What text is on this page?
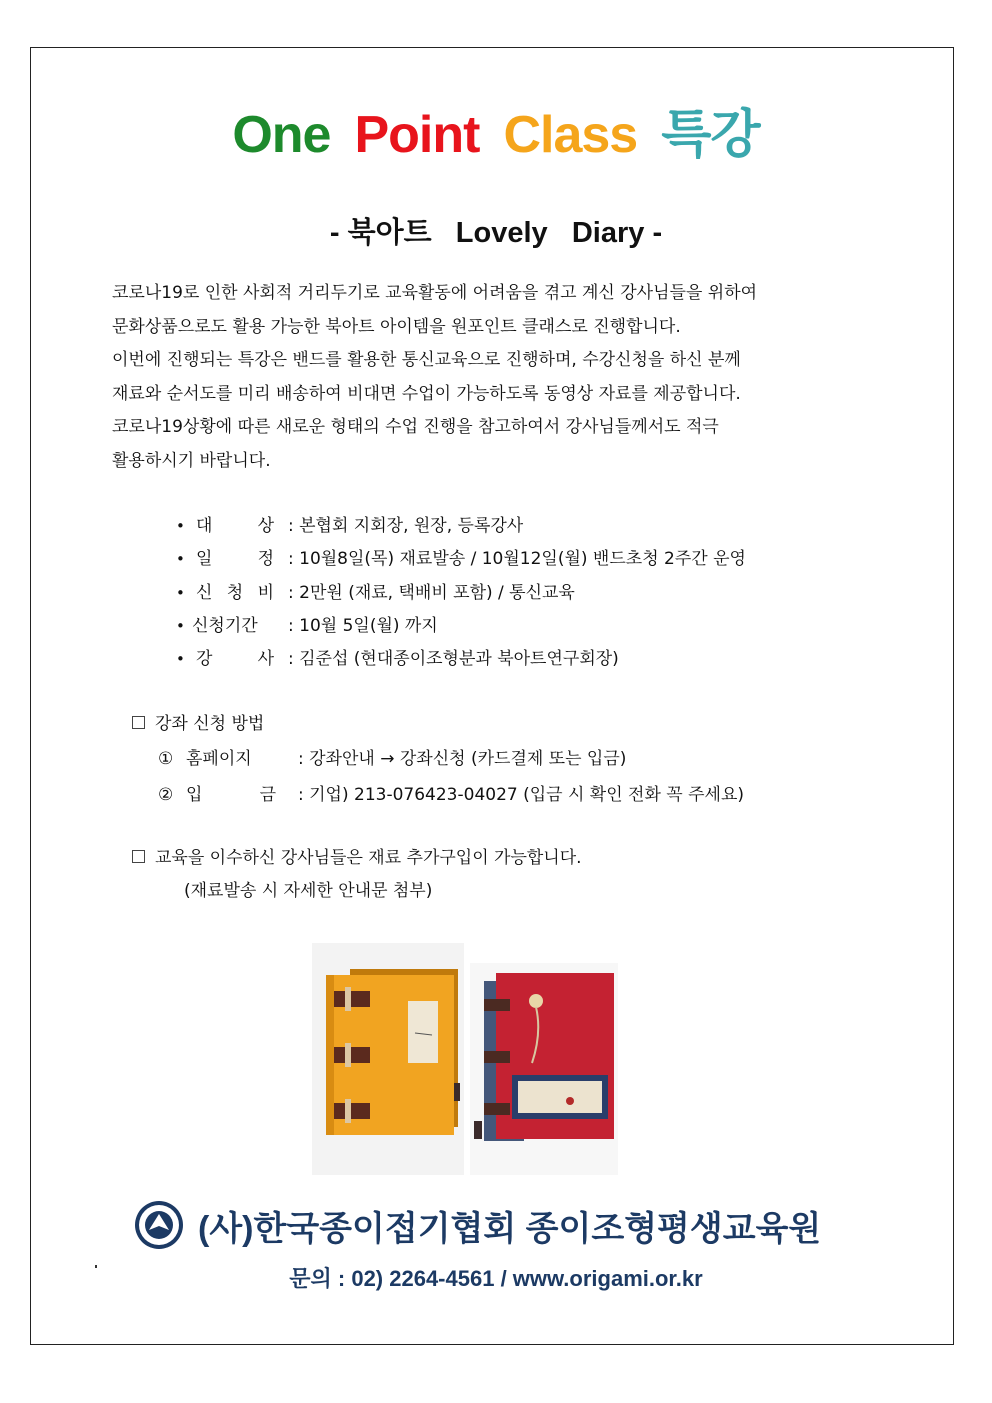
One Point Class 특강
- 북아트   Lovely   Diary -
코로나19로 인한 사회적 거리두기로 교육활동에 어려움을 겪고 계신 강사님들을 위하여
문화상품으로도 활용 가능한 북아트 아이템을 원포인트 클래스로 진행합니다.
이번에 진행되는 특강은 밴드를 활용한 통신교육으로 진행하며, 수강신청을 하신 분께
재료와 순서도를 미리 배송하여 비대면 수업이 가능하도록 동영상 자료를 제공합니다.
코로나19상황에 따른 새로운 형태의 수업 진행을 참고하여서 강사님들께서도 적극
활용하시기 바랍니다.
• 대	상 : 본협회 지회장, 원장, 등록강사
• 일	정 : 10월8일(목) 재료발송 / 10월12일(월) 밴드초청 2주간 운영
• 신 청 비 : 2만원 (재료, 택배비 포함) / 통신교육
• 신청기간 : 10월 5일(월) 까지
• 강	사 : 김준섭 (현대종이조형분과 북아트연구회장)
강좌 신청 방법
① 홈페이지	: 강좌안내 → 강좌신청 (카드결제 또는 입금)
② 입	금 : 기업) 213-076423-04027 (입금 시 확인 전화 꼭 주세요)
교육을 이수하신 강사님들은 재료 추가구입이 가능합니다.
(재료발송 시 자세한 안내문 첨부)
(사)한국종이접기협회 종이조형평생교육원
문의 : 02) 2264-4561 / www.origami.or.kr
